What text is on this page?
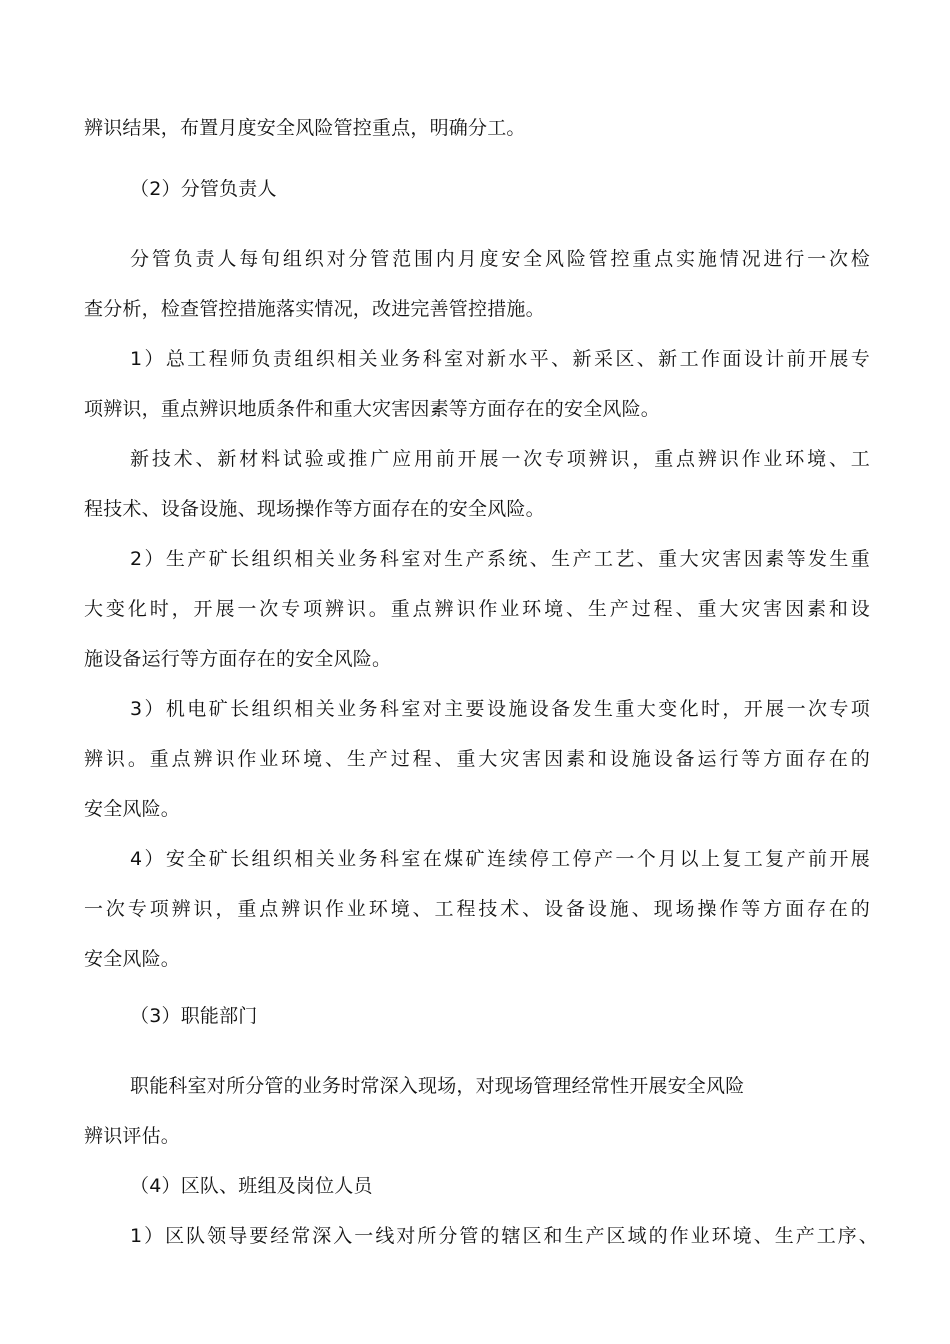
辨识结果，布置月度安全风险管控重点，明确分工。
（2）分管负责人
分管负责人每旬组织对分管范围内月度安全风险管控重点实施情况进行一次检
查分析，检查管控措施落实情况，改进完善管控措施。
1）总工程师负责组织相关业务科室对新水平、新采区、新工作面设计前开展专
项辨识，重点辨识地质条件和重大灾害因素等方面存在的安全风险。
新技术、新材料试验或推广应用前开展一次专项辨识，重点辨识作业环境、工
程技术、设备设施、现场操作等方面存在的安全风险。
2）生产矿长组织相关业务科室对生产系统、生产工艺、重大灾害因素等发生重
大变化时，开展一次专项辨识。重点辨识作业环境、生产过程、重大灾害因素和设
施设备运行等方面存在的安全风险。
3）机电矿长组织相关业务科室对主要设施设备发生重大变化时，开展一次专项
辨识。重点辨识作业环境、生产过程、重大灾害因素和设施设备运行等方面存在的
安全风险。
4）安全矿长组织相关业务科室在煤矿连续停工停产一个月以上复工复产前开展
一次专项辨识，重点辨识作业环境、工程技术、设备设施、现场操作等方面存在的
安全风险。
（3）职能部门
职能科室对所分管的业务时常深入现场，对现场管理经常性开展安全风险
辨识评估。
（4）区队、班组及岗位人员
1）区队领导要经常深入一线对所分管的辖区和生产区域的作业环境、生产工序、
